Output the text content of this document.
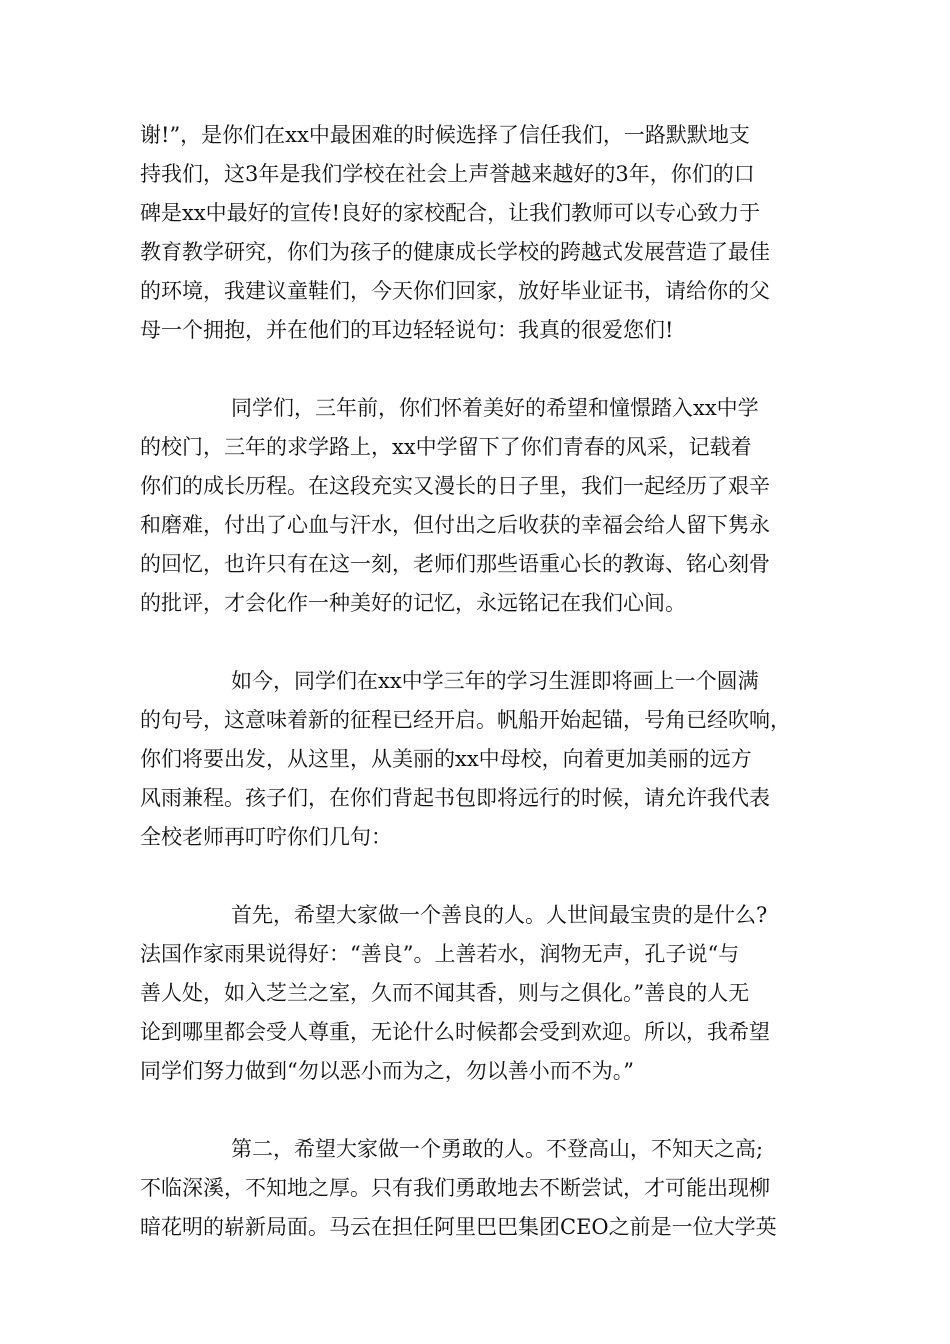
谢!”，是你们在xx中最困难的时候选择了信任我们，一路默默地支
持我们，这3年是我们学校在社会上声誉越来越好的3年，你们的口
碑是xx中最好的宣传!良好的家校配合，让我们教师可以专心致力于
教育教学研究，你们为孩子的健康成长学校的跨越式发展营造了最佳
的环境，我建议童鞋们，今天你们回家，放好毕业证书，请给你的父
母一个拥抱，并在他们的耳边轻轻说句：我真的很爱您们!

同学们，三年前，你们怀着美好的希望和憧憬踏入xx中学
的校门，三年的求学路上，xx中学留下了你们青春的风采，记载着
你们的成长历程。在这段充实又漫长的日子里，我们一起经历了艰辛
和磨难，付出了心血与汗水，但付出之后收获的幸福会给人留下隽永
的回忆，也许只有在这一刻，老师们那些语重心长的教诲、铭心刻骨
的批评，才会化作一种美好的记忆，永远铭记在我们心间。

如今，同学们在xx中学三年的学习生涯即将画上一个圆满
的句号，这意味着新的征程已经开启。帆船开始起锚，号角已经吹响，
你们将要出发，从这里，从美丽的xx中母校，向着更加美丽的远方
风雨兼程。孩子们，在你们背起书包即将远行的时候，请允许我代表
全校老师再叮咛你们几句：

首先，希望大家做一个善良的人。人世间最宝贵的是什么?
法国作家雨果说得好：“善良”。上善若水，润物无声，孔子说“与
善人处，如入芝兰之室，久而不闻其香，则与之俱化。”善良的人无
论到哪里都会受人尊重，无论什么时候都会受到欢迎。所以，我希望
同学们努力做到“勿以恶小而为之，勿以善小而不为。”

第二，希望大家做一个勇敢的人。不登高山，不知天之高;
不临深溪，不知地之厚。只有我们勇敢地去不断尝试，才可能出现柳
暗花明的崭新局面。马云在担任阿里巴巴集团CEO之前是一位大学英
